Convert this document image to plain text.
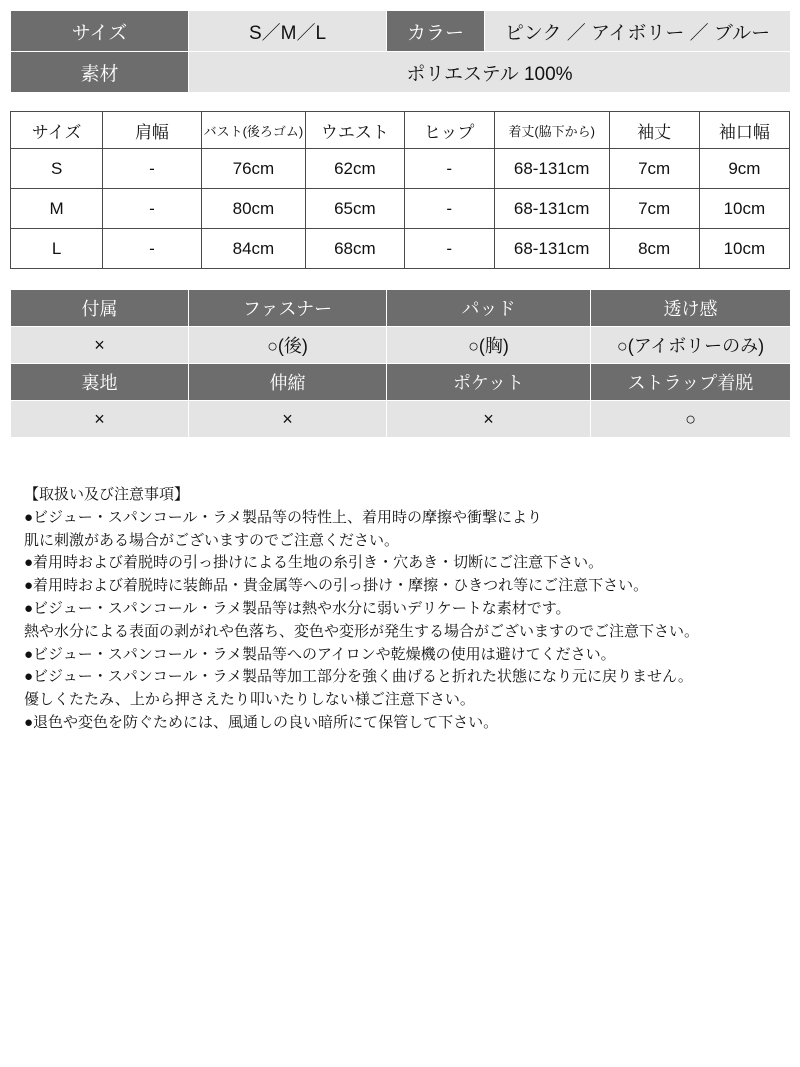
サイズ	S／M／L	カラー	ピンク ／ アイボリー ／ ブルー
素材	ポリエステル 100%		
サイズ	肩幅	バスト(後ろゴム)	ウエスト	ヒップ	着丈(脇下から)	袖丈	袖口幅
S	-	76cm	62cm	-	68-131cm	7cm	9cm
M	-	80cm	65cm	-	68-131cm	7cm	10cm
L	-	84cm	68cm	-	68-131cm	8cm	10cm
付属	ファスナー	パッド	透け感
×	○(後)	○(胸)	○(アイボリーのみ)
裏地	伸縮	ポケット	ストラップ着脱
×	×	×	○
【取扱い及び注意事項】
●ビジュー・スパンコール・ラメ製品等の特性上、着用時の摩擦や衝撃により
肌に刺激がある場合がございますのでご注意ください。
●着用時および着脱時の引っ掛けによる生地の糸引き・穴あき・切断にご注意下さい。
●着用時および着脱時に装飾品・貴金属等への引っ掛け・摩擦・ひきつれ等にご注意下さい。
●ビジュー・スパンコール・ラメ製品等は熱や水分に弱いデリケートな素材です。
熱や水分による表面の剥がれや色落ち、変色や変形が発生する場合がございますのでご注意下さい。
●ビジュー・スパンコール・ラメ製品等へのアイロンや乾燥機の使用は避けてください。
●ビジュー・スパンコール・ラメ製品等加工部分を強く曲げると折れた状態になり元に戻りません。
優しくたたみ、上から押さえたり叩いたりしない様ご注意下さい。
●退色や変色を防ぐためには、風通しの良い暗所にて保管して下さい。
